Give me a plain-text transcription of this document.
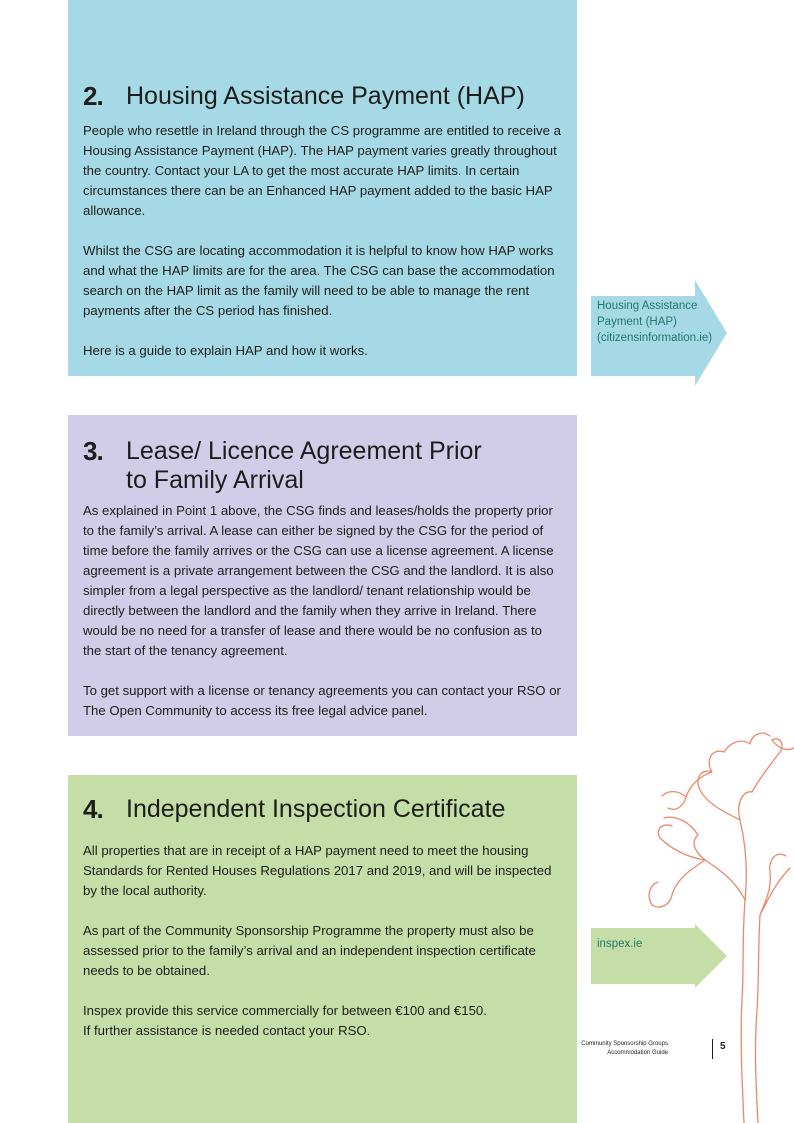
2. Housing Assistance Payment (HAP)

People who resettle in Ireland through the CS programme are entitled to receive a Housing Assistance Payment (HAP). The HAP payment varies greatly throughout the country. Contact your LA to get the most accurate HAP limits. In certain circumstances there can be an Enhanced HAP payment added to the basic HAP allowance.

Whilst the CSG are locating accommodation it is helpful to know how HAP works and what the HAP limits are for the area. The CSG can base the accommodation search on the HAP limit as the family will need to be able to manage the rent payments after the CS period has finished.

Here is a guide to explain HAP and how it works.

Housing Assistance
Payment (HAP)
(citizensinformation.ie)
3. Lease/ Licence Agreement Prior
to Family Arrival

As explained in Point 1 above, the CSG finds and leases/holds the property prior to the family’s arrival. A lease can either be signed by the CSG for the period of time before the family arrives or the CSG can use a license agreement. A license agreement is a private arrangement between the CSG and the landlord. It is also simpler from a legal perspective as the landlord/ tenant relationship would be directly between the landlord and the family when they arrive in Ireland. There would be no need for a transfer of lease and there would be no confusion as to the start of the tenancy agreement.

To get support with a license or tenancy agreements you can contact your RSO or The Open Community to access its free legal advice panel.

4. Independent Inspection Certificate

All properties that are in receipt of a HAP payment need to meet the housing Standards for Rented Houses Regulations 2017 and 2019, and will be inspected by the local authority.

As part of the Community Sponsorship Programme the property must also be assessed prior to the family’s arrival and an independent inspection certificate needs to be obtained.

Inspex provide this service commercially for between €100 and €150.
If further assistance is needed contact your RSO.

inspex.ie
Community Sponsorship Groups
Accommodation Guide
5
